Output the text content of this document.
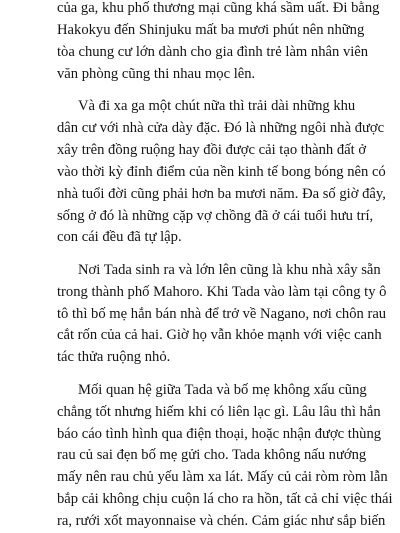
của ga, khu phố thương mại cũng khá sầm uất. Đi bằng
Hakokyu đến Shinjuku mất ba mươi phút nên những
tòa chung cư lớn dành cho gia đình trẻ làm nhân viên
văn phòng cũng thi nhau mọc lên.
Và đi xa ga một chút nữa thì trải dài những khu
dân cư với nhà cửa dày đặc. Đó là những ngôi nhà được
xây trên đồng ruộng hay đồi được cải tạo thành đất ở
vào thời kỳ đỉnh điểm của nền kinh tế bong bóng nên có
nhà tuổi đời cũng phải hơn ba mươi năm. Đa số giờ đây,
sống ở đó là những cặp vợ chồng đã ở cái tuổi hưu trí,
con cái đều đã tự lập.
Nơi Tada sinh ra và lớn lên cũng là khu nhà xây sẵn
trong thành phố Mahoro. Khi Tada vào làm tại công ty ô
tô thì bố mẹ hắn bán nhà để trở về Nagano, nơi chôn rau
cắt rốn của cả hai. Giờ họ vẫn khỏe mạnh với việc canh
tác thửa ruộng nhỏ.
Mối quan hệ giữa Tada và bố mẹ không xấu cũng
chẳng tốt nhưng hiếm khi có liên lạc gì. Lâu lâu thì hắn
báo cáo tình hình qua điện thoại, hoặc nhận được thùng
rau củ sai đẹn bố mẹ gửi cho. Tada không nấu nướng
mấy nên rau chủ yếu làm xa lát. Mấy củ cải ròm ròm lẫn
bắp cải không chịu cuộn lá cho ra hồn, tất cả chỉ việc thái
ra, rưới xốt mayonnaise và chén. Cảm giác như sắp biến
